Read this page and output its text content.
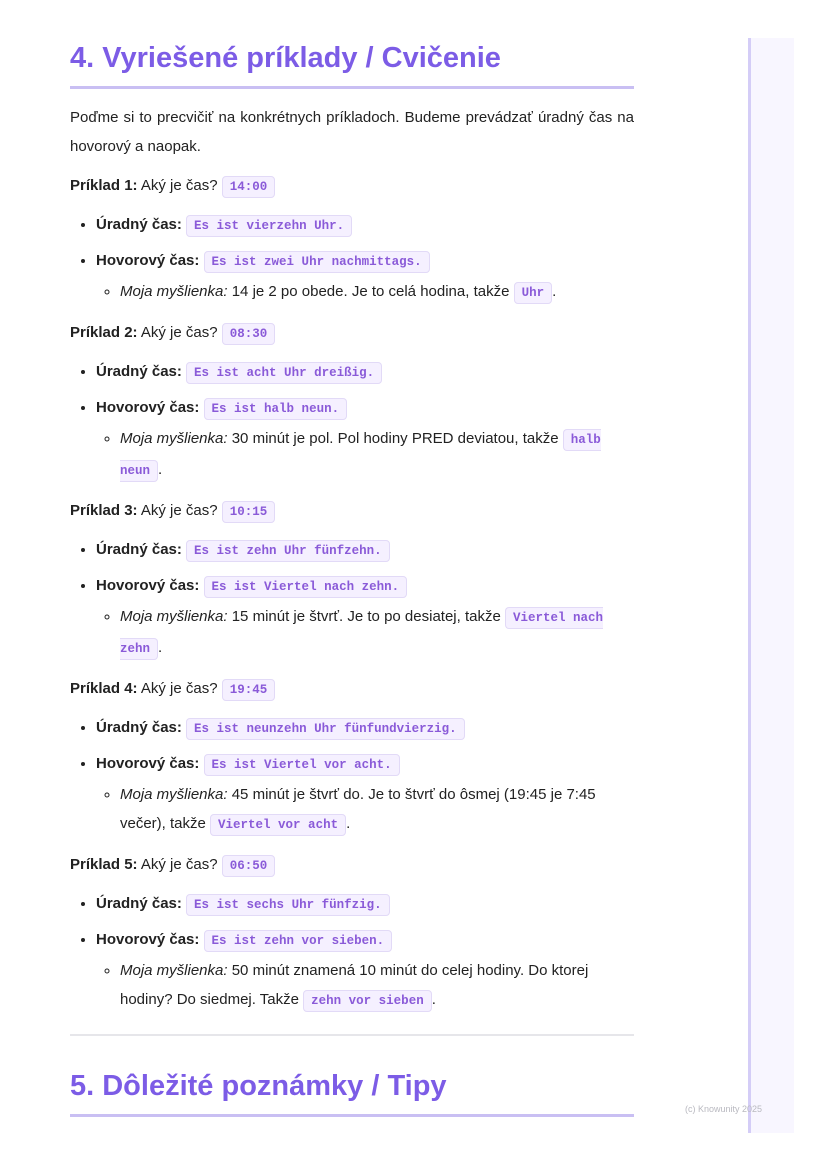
4. Vyriešené príklady / Cvičenie

Poďme si to precvičiť na konkrétnych príkladoch. Budeme prevádzať úradný čas na hovorový a naopak.

Príklad 1: Aký je čas? 14:00

• Úradný čas: Es ist vierzehn Uhr.
• Hovorový čas: Es ist zwei Uhr nachmittags.
◦ Moja myšlienka: 14 je 2 po obede. Je to celá hodina, takže Uhr .

Príklad 2: Aký je čas? 08:30

• Úradný čas: Es ist acht Uhr dreißig.
• Hovorový čas: Es ist halb neun.
◦ Moja myšlienka: 30 minút je pol. Pol hodiny PRED deviatou, takže halb neun .

Príklad 3: Aký je čas? 10:15

• Úradný čas: Es ist zehn Uhr fünfzehn.
• Hovorový čas: Es ist Viertel nach zehn.
◦ Moja myšlienka: 15 minút je štvrť. Je to po desiatej, takže Viertel nach zehn .

Príklad 4: Aký je čas? 19:45

• Úradný čas: Es ist neunzehn Uhr fünfundvierzig.
• Hovorový čas: Es ist Viertel vor acht.
◦ Moja myšlienka: 45 minút je štvrť do. Je to štvrť do ôsmej (19:45 je 7:45 večer), takže Viertel vor acht .

Príklad 5: Aký je čas? 06:50

• Úradný čas: Es ist sechs Uhr fünfzig.
• Hovorový čas: Es ist zehn vor sieben.
◦ Moja myšlienka: 50 minút znamená 10 minút do celej hodiny. Do ktorej hodiny? Do siedmej. Takže zehn vor sieben .
5. Dôležité poznámky / Tipy
(c) Knowunity 2025
